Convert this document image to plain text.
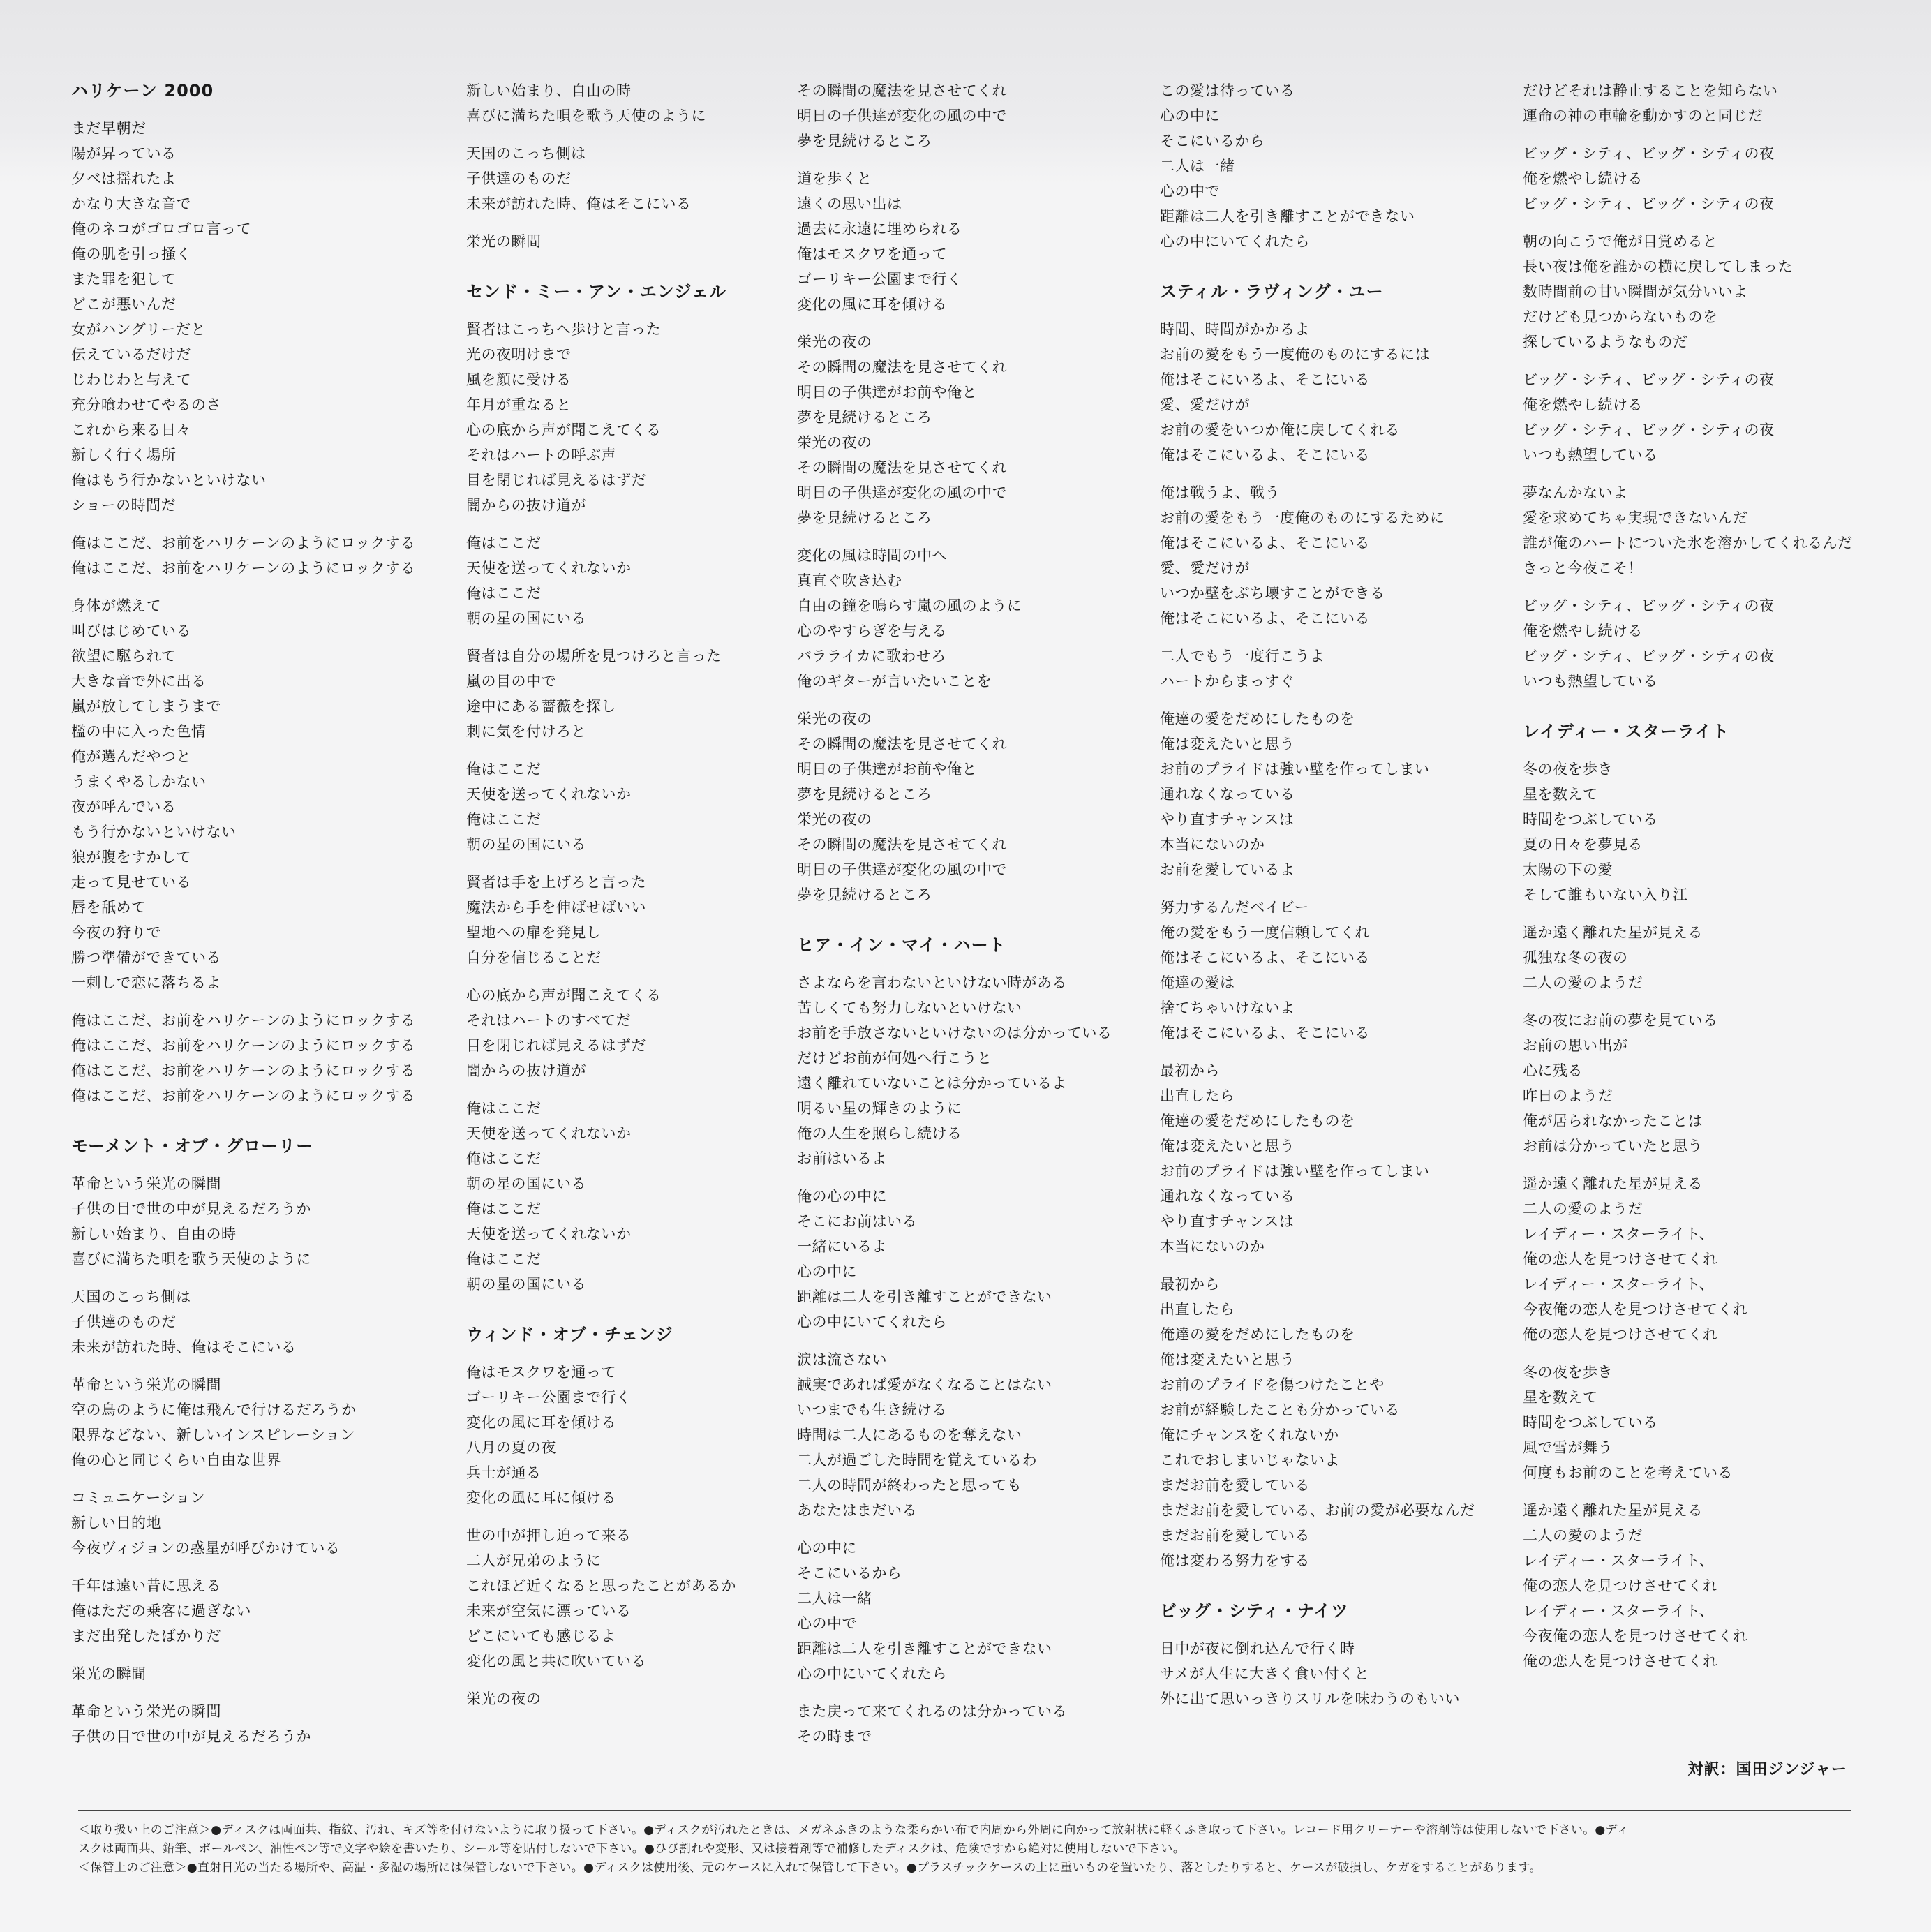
ハリケーン 2000
まだ早朝だ
陽が昇っている
夕べは揺れたよ
かなり大きな音で
俺のネコがゴロゴロ言って
俺の肌を引っ掻く
また罪を犯して
どこが悪いんだ
女がハングリーだと
伝えているだけだ
じわじわと与えて
充分喰わせてやるのさ
これから来る日々
新しく行く場所
俺はもう行かないといけない
ショーの時間だ
俺はここだ、お前をハリケーンのようにロックする
俺はここだ、お前をハリケーンのようにロックする
身体が燃えて
叫びはじめている
欲望に駆られて
大きな音で外に出る
嵐が放してしまうまで
檻の中に入った色情
俺が選んだやつと
うまくやるしかない
夜が呼んでいる
もう行かないといけない
狼が腹をすかして
走って見せている
唇を舐めて
今夜の狩りで
勝つ準備ができている
一刺しで恋に落ちるよ
俺はここだ、お前をハリケーンのようにロックする
俺はここだ、お前をハリケーンのようにロックする
俺はここだ、お前をハリケーンのようにロックする
俺はここだ、お前をハリケーンのようにロックする
モーメント・オブ・グローリー
革命という栄光の瞬間
子供の目で世の中が見えるだろうか
新しい始まり、自由の時
喜びに満ちた唄を歌う天使のように
天国のこっち側は
子供達のものだ
未来が訪れた時、俺はそこにいる
革命という栄光の瞬間
空の鳥のように俺は飛んで行けるだろうか
限界などない、新しいインスピレーション
俺の心と同じくらい自由な世界
コミュニケーション
新しい目的地
今夜ヴィジョンの惑星が呼びかけている
千年は遠い昔に思える
俺はただの乗客に過ぎない
まだ出発したばかりだ
栄光の瞬間
革命という栄光の瞬間
子供の目で世の中が見えるだろうか
新しい始まり、自由の時
喜びに満ちた唄を歌う天使のように
天国のこっち側は
子供達のものだ
未来が訪れた時、俺はそこにいる
栄光の瞬間
センド・ミー・アン・エンジェル
賢者はこっちへ歩けと言った
光の夜明けまで
風を顔に受ける
年月が重なると
心の底から声が聞こえてくる
それはハートの呼ぶ声
目を閉じれば見えるはずだ
闇からの抜け道が
俺はここだ
天使を送ってくれないか
俺はここだ
朝の星の国にいる
賢者は自分の場所を見つけろと言った
嵐の目の中で
途中にある薔薇を探し
刺に気を付けろと
俺はここだ
天使を送ってくれないか
俺はここだ
朝の星の国にいる
賢者は手を上げろと言った
魔法から手を伸ばせばいい
聖地への扉を発見し
自分を信じることだ
心の底から声が聞こえてくる
それはハートのすべてだ
目を閉じれば見えるはずだ
闇からの抜け道が
俺はここだ
天使を送ってくれないか
俺はここだ
朝の星の国にいる
俺はここだ
天使を送ってくれないか
俺はここだ
朝の星の国にいる
ウィンド・オブ・チェンジ
俺はモスクワを通って
ゴーリキー公園まで行く
変化の風に耳を傾ける
八月の夏の夜
兵士が通る
変化の風に耳に傾ける
世の中が押し迫って来る
二人が兄弟のように
これほど近くなると思ったことがあるか
未来が空気に漂っている
どこにいても感じるよ
変化の風と共に吹いている
栄光の夜の
その瞬間の魔法を見させてくれ
明日の子供達が変化の風の中で
夢を見続けるところ
道を歩くと
遠くの思い出は
過去に永遠に埋められる
俺はモスクワを通って
ゴーリキー公園まで行く
変化の風に耳を傾ける
栄光の夜の
その瞬間の魔法を見させてくれ
明日の子供達がお前や俺と
夢を見続けるところ
栄光の夜の
その瞬間の魔法を見させてくれ
明日の子供達が変化の風の中で
夢を見続けるところ
変化の風は時間の中へ
真直ぐ吹き込む
自由の鐘を鳴らす嵐の風のように
心のやすらぎを与える
バラライカに歌わせろ
俺のギターが言いたいことを
栄光の夜の
その瞬間の魔法を見させてくれ
明日の子供達がお前や俺と
夢を見続けるところ
栄光の夜の
その瞬間の魔法を見させてくれ
明日の子供達が変化の風の中で
夢を見続けるところ
ヒア・イン・マイ・ハート
さよならを言わないといけない時がある
苦しくても努力しないといけない
お前を手放さないといけないのは分かっている
だけどお前が何処へ行こうと
遠く離れていないことは分かっているよ
明るい星の輝きのように
俺の人生を照らし続ける
お前はいるよ
俺の心の中に
そこにお前はいる
一緒にいるよ
心の中に
距離は二人を引き離すことができない
心の中にいてくれたら
涙は流さない
誠実であれば愛がなくなることはない
いつまでも生き続ける
時間は二人にあるものを奪えない
二人が過ごした時間を覚えているわ
二人の時間が終わったと思っても
あなたはまだいる
心の中に
そこにいるから
二人は一緒
心の中で
距離は二人を引き離すことができない
心の中にいてくれたら
また戻って来てくれるのは分かっている
その時まで
この愛は待っている
心の中に
そこにいるから
二人は一緒
心の中で
距離は二人を引き離すことができない
心の中にいてくれたら
スティル・ラヴィング・ユー
時間、時間がかかるよ
お前の愛をもう一度俺のものにするには
俺はそこにいるよ、そこにいる
愛、愛だけが
お前の愛をいつか俺に戻してくれる
俺はそこにいるよ、そこにいる
俺は戦うよ、戦う
お前の愛をもう一度俺のものにするために
俺はそこにいるよ、そこにいる
愛、愛だけが
いつか壁をぶち壊すことができる
俺はそこにいるよ、そこにいる
二人でもう一度行こうよ
ハートからまっすぐ
俺達の愛をだめにしたものを
俺は変えたいと思う
お前のプライドは強い壁を作ってしまい
通れなくなっている
やり直すチャンスは
本当にないのか
お前を愛しているよ
努力するんだベイビー
俺の愛をもう一度信頼してくれ
俺はそこにいるよ、そこにいる
俺達の愛は
捨てちゃいけないよ
俺はそこにいるよ、そこにいる
最初から
出直したら
俺達の愛をだめにしたものを
俺は変えたいと思う
お前のプライドは強い壁を作ってしまい
通れなくなっている
やり直すチャンスは
本当にないのか
最初から
出直したら
俺達の愛をだめにしたものを
俺は変えたいと思う
お前のプライドを傷つけたことや
お前が経験したことも分かっている
俺にチャンスをくれないか
これでおしまいじゃないよ
まだお前を愛している
まだお前を愛している、お前の愛が必要なんだ
まだお前を愛している
俺は変わる努力をする
ビッグ・シティ・ナイツ
日中が夜に倒れ込んで行く時
サメが人生に大きく食い付くと
外に出て思いっきりスリルを味わうのもいい
だけどそれは静止することを知らない
運命の神の車輪を動かすのと同じだ
ビッグ・シティ、ビッグ・シティの夜
俺を燃やし続ける
ビッグ・シティ、ビッグ・シティの夜
朝の向こうで俺が目覚めると
長い夜は俺を誰かの横に戻してしまった
数時間前の甘い瞬間が気分いいよ
だけども見つからないものを
探しているようなものだ
ビッグ・シティ、ビッグ・シティの夜
俺を燃やし続ける
ビッグ・シティ、ビッグ・シティの夜
いつも熱望している
夢なんかないよ
愛を求めてちゃ実現できないんだ
誰が俺のハートについた氷を溶かしてくれるんだ
きっと今夜こそ！
ビッグ・シティ、ビッグ・シティの夜
俺を燃やし続ける
ビッグ・シティ、ビッグ・シティの夜
いつも熱望している
レイディー・スターライト
冬の夜を歩き
星を数えて
時間をつぶしている
夏の日々を夢見る
太陽の下の愛
そして誰もいない入り江
遥か遠く離れた星が見える
孤独な冬の夜の
二人の愛のようだ
冬の夜にお前の夢を見ている
お前の思い出が
心に残る
昨日のようだ
俺が居られなかったことは
お前は分かっていたと思う
遥か遠く離れた星が見える
二人の愛のようだ
レイディー・スターライト、
俺の恋人を見つけさせてくれ
レイディー・スターライト、
今夜俺の恋人を見つけさせてくれ
俺の恋人を見つけさせてくれ
冬の夜を歩き
星を数えて
時間をつぶしている
風で雪が舞う
何度もお前のことを考えている
遥か遠く離れた星が見える
二人の愛のようだ
レイディー・スターライト、
俺の恋人を見つけさせてくれ
レイディー・スターライト、
今夜俺の恋人を見つけさせてくれ
俺の恋人を見つけさせてくれ
対訳：国田ジンジャー

＜取り扱い上のご注意＞●ディスクは両面共、指紋、汚れ、キズ等を付けないように取り扱って下さい。●ディスクが汚れたときは、メガネふきのような柔らかい布で内周から外周に向かって放射状に軽くふき取って下さい。レコード用クリーナーや溶剤等は使用しないで下さい。●ディ

スクは両面共、鉛筆、ボールペン、油性ペン等で文字や絵を書いたり、シール等を貼付しないで下さい。●ひび割れや変形、又は接着剤等で補修したディスクは、危険ですから絶対に使用しないで下さい。

＜保管上のご注意＞●直射日光の当たる場所や、高温・多湿の場所には保管しないで下さい。●ディスクは使用後、元のケースに入れて保管して下さい。●プラスチックケースの上に重いものを置いたり、落としたりすると、ケースが破損し、ケガをすることがあります。
